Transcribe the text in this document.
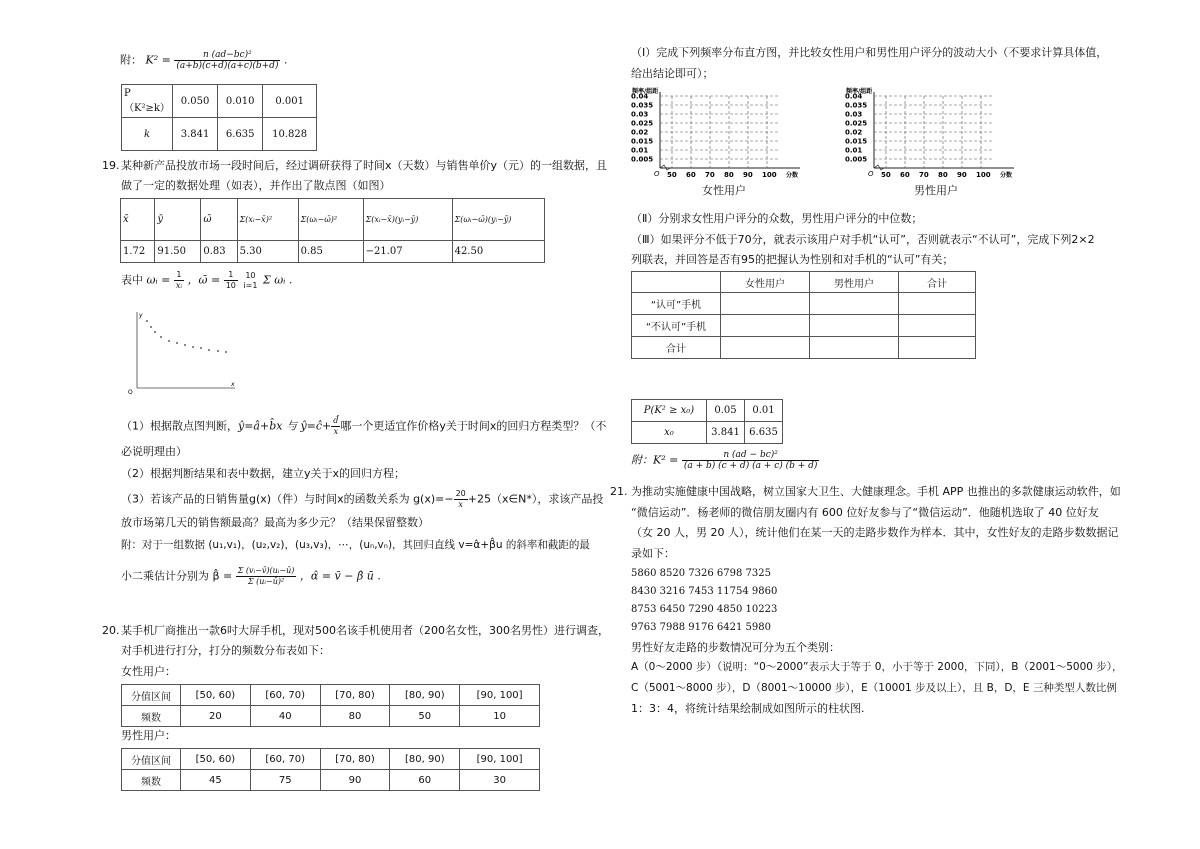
附： $K^2 = \frac{\text{n (ad−bc)²}}{(a+b)(c+d)(a+c)(b+d)}$ .
P（K²≥k）	0.050	0.010	0.001
k	3.841	6.635	10.828
19. 某种新产品投放市场一段时间后，经过调研获得了时间x（天数）与销售单价y（元）的一组数据，且
做了一定的数据处理（如表），并作出了散点图（如图）
x̄	ȳ	ω̄	Σ(xᵢ−x̄)²	Σ(ωᵢ−ω̄)²	Σ(xᵢ−x̄)(yᵢ−ȳ)	Σ(ωᵢ−ω̄)(yᵢ−ȳ)
1.72	91.50	0.83	5.30	0.85	−21.07	42.50
表中 ωᵢ = $\frac{1}{\text{xᵢ}}$ ，ω̄ = $\frac{1}{10}$
10
i=1 Σ ωᵢ .
O
y
x
（1）根据散点图判断，ŷ=â+b̂x 与 ŷ=ĉ+ $\frac{d̂}{x}$ 哪一个更适宜作价格y关于时间x的回归方程类型？（不
必说明理由）
（2）根据判断结果和表中数据，建立y关于x的回归方程；
（3）若该产品的日销售量g(x)（件）与时间x的函数关系为 $g(x)=- \frac{20}{x}$ +25（x∈N*），求该产品投
放市场第几天的销售额最高？最高为多少元？（结果保留整数）
附：对于一组数据 (u₁,v₁)，(u₂,v₂)，(u₃,v₃)，⋯，(uₙ,vₙ)，其回归直线 v=α̂+β̂u 的斜率和截距的最
小二乘估计分别为 β̂ = $\frac{\text{Σ (vᵢ−v̄)(uᵢ−ū)}}{\text{Σ (uᵢ−ū)²}}$ ，α̂ = v̄ − β̂ ū .
20. 某手机厂商推出一款6吋大屏手机，现对500名该手机使用者（200名女性，300名男性）进行调查，
对手机进行打分，打分的频数分布表如下：
女性用户：
分值区间	[50, 60)	[60, 70)	[70, 80)	[80, 90)	[90, 100]
频数	20	40	80	50	10
男性用户：
分值区间	[50, 60)	[60, 70)	[70, 80)	[80, 90)	[90, 100]
频数	45	75	90	60	30
（Ⅰ）完成下列频率分布直方图，并比较女性用户和男性用户评分的波动大小（不要求计算具体值，
给出结论即可）；
频率/组距
O
0.04
0.035
0.03
0.025
0.02
0.015
0.01
0.005
50 60 70 80 90 100 分数
频率/组距
O
0.04
0.035
0.03
0.025
0.02
0.015
0.01
0.005
50 60 70 80 90 100 分数
女性用户	男性用户
（Ⅱ）分别求女性用户评分的众数，男性用户评分的中位数；
（Ⅲ）如果评分不低于70分，就表示该用户对手机“认可”，否则就表示“不认可”，完成下列2×2
列联表，并回答是否有95的把握认为性别和对手机的“认可”有关；
	女性用户	男性用户	合计
“认可”手机			
“不认可”手机			
合计			
P(K² ≥ x₀)	0.05	0.01
x₀	3.841	6.635
附：$K^2 = \frac{\text{n (ad − bc)²}}{(a + b) (c + d) (a + c) (b + d)}$
21. 为推动实施健康中国战略，树立国家大卫生、大健康理念。手机 APP 也推出的多款健康运动软件，如
“微信运动”．杨老师的微信朋友圈内有 600 位好友参与了“微信运动”．他随机选取了 40 位好友
（女 20 人，男 20 人），统计他们在某一天的走路步数作为样本．其中，女性好友的走路步数数据记
录如下：
5860 8520 7326 6798 7325
8430 3216 7453 11754 9860
8753 6450 7290 4850 10223
9763 7988 9176 6421 5980
男性好友走路的步数情况可分为五个类别：
A（0～2000 步）（说明：“0～2000”表示大于等于 0，小于等于 2000，下同），B（2001～5000 步），
C（5001～8000 步），D（8001～10000 步），E（10001 步及以上），且 B，D，E 三种类型人数比例
1：3：4，将统计结果绘制成如图所示的柱状图.
